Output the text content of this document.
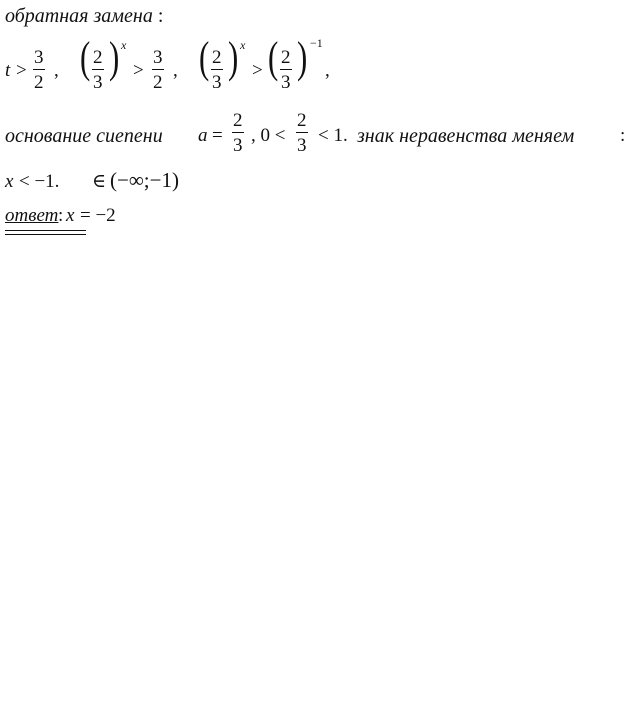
обратная замена :
$t > \frac{3}{2}$ , ( $\frac{2}{3}$ ) x
> $\frac{3}{2}$ , ( $\frac{2}{3}$ ) x
> ( $\frac{2}{3}$ ) −1
,
основание сиепени $a = \frac{2}{3}$ , $0 < \frac{2}{3} < 1$. знак неравенства меняем :
x < −1. ∈ (−∞;−1)
ответ : x = −2
